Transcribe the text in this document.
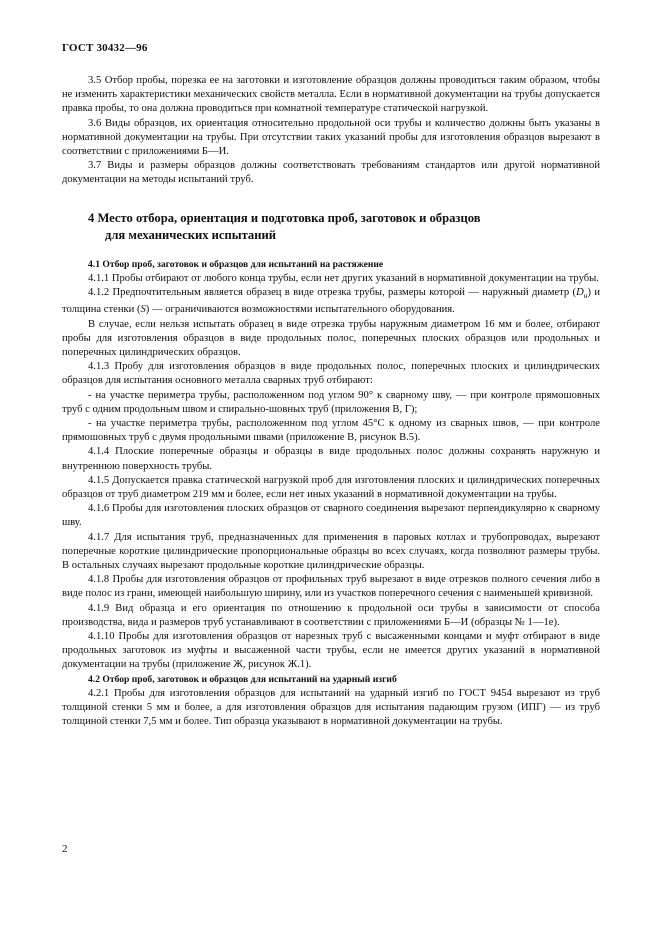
ГОСТ 30432—96

3.5 Отбор пробы, порезка ее на заготовки и изготовление образцов должны проводиться таким образом, чтобы не изменить характеристики механических свойств металла. Если в нормативной документации на трубы допускается правка пробы, то она должна проводиться при комнатной температуре статической нагрузкой.

3.6 Виды образцов, их ориентация относительно продольной оси трубы и количество должны быть указаны в нормативной документации на трубы. При отсутствии таких указаний пробы для изготовления образцов вырезают в соответствии с приложениями Б—И.

3.7 Виды и размеры образцов должны соответствовать требованиям стандартов или другой нормативной документации на методы испытаний труб.

4 Место отбора, ориентация и подготовка проб, заготовок и образцов
для механических испытаний

4.1 Отбор проб, заготовок и образцов для испытаний на растяжение

4.1.1 Пробы отбирают от любого конца трубы, если нет других указаний в нормативной документации на трубы.

4.1.2 Предпочтительным является образец в виде отрезка трубы, размеры которой — наружный диаметр $(D_н)$ и толщина стенки (S) — ограничиваются возможностями испытательного оборудования.

В случае, если нельзя испытать образец в виде отрезка трубы наружным диаметром 16 мм и более, отбирают пробы для изготовления образцов в виде продольных полос, поперечных плоских образцов или продольных и поперечных цилиндрических образцов.

4.1.3 Пробу для изготовления образцов в виде продольных полос, поперечных плоских и цилиндрических образцов для испытания основного металла сварных труб отбирают:

- на участке периметра трубы, расположенном под углом 90° к сварному шву, — при контроле прямошовных труб с одним продольным швом и спирально-шовных труб (приложения В, Г);

- на участке периметра трубы, расположенном под углом 45°С к одному из сварных швов, — при контроле прямошовных труб с двумя продольными швами (приложение В, рисунок В.5).

4.1.4 Плоские поперечные образцы и образцы в виде продольных полос должны сохранять наружную и внутреннюю поверхность трубы.

4.1.5 Допускается правка статической нагрузкой проб для изготовления плоских и цилиндрических поперечных образцов от труб диаметром 219 мм и более, если нет иных указаний в нормативной документации на трубы.

4.1.6 Пробы для изготовления плоских образцов от сварного соединения вырезают перпендикулярно к сварному шву.

4.1.7 Для испытания труб, предназначенных для применения в паровых котлах и трубопроводах, вырезают поперечные короткие цилиндрические пропорциональные образцы во всех случаях, когда позволяют размеры трубы. В остальных случаях вырезают продольные короткие цилиндрические образцы.

4.1.8 Пробы для изготовления образцов от профильных труб вырезают в виде отрезков полного сечения либо в виде полос из грани, имеющей наибольшую ширину, или из участков поперечного сечения с наименьшей кривизной.

4.1.9 Вид образца и его ориентация по отношению к продольной оси трубы в зависимости от способа производства, вида и размеров труб устанавливают в соответствии с приложениями Б—И (образцы № 1—1е).

4.1.10 Пробы для изготовления образцов от нарезных труб с высаженными концами и муфт отбирают в виде продольных заготовок из муфты и высаженной части трубы, если не имеется других указаний в нормативной документации на трубы (приложение Ж, рисунок Ж.1).

4.2 Отбор проб, заготовок и образцов для испытаний на ударный изгиб

4.2.1 Пробы для изготовления образцов для испытаний на ударный изгиб по ГОСТ 9454 вырезают из труб толщиной стенки 5 мм и более, а для изготовления образцов для испытания падающим грузом (ИПГ) — из труб толщиной стенки 7,5 мм и более. Тип образца указывают в нормативной документации на трубы.

2
